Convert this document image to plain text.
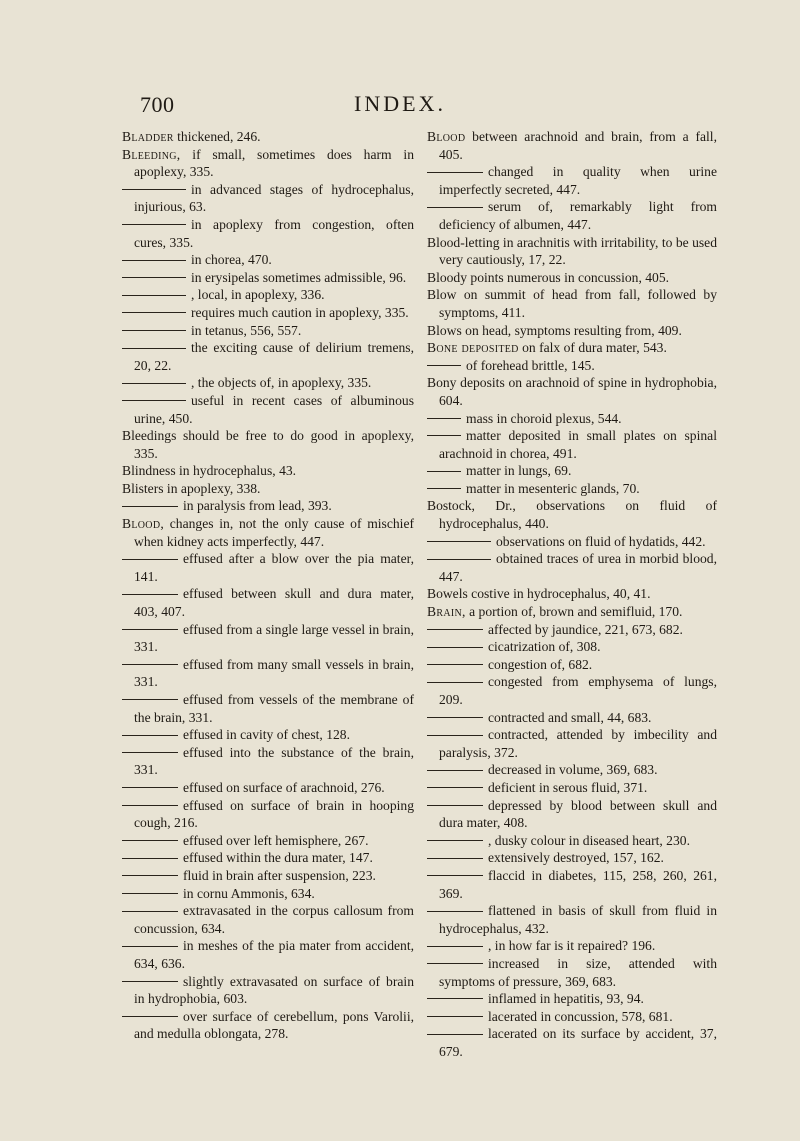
700	INDEX.

Bladder thickened, 246.

Bleeding, if small, sometimes does harm in apoplexy, 335.

in advanced stages of hydrocephalus, injurious, 63.

in apoplexy from congestion, often cures, 335.

in chorea, 470.

in erysipelas sometimes admissible, 96.

, local, in apoplexy, 336.

requires much caution in apoplexy, 335.

in tetanus, 556, 557.

the exciting cause of delirium tremens, 20, 22.

, the objects of, in apoplexy, 335.

useful in recent cases of albuminous urine, 450.

Bleedings should be free to do good in apoplexy, 335.

Blindness in hydrocephalus, 43.

Blisters in apoplexy, 338.

in paralysis from lead, 393.

Blood, changes in, not the only cause of mischief when kidney acts imperfectly, 447.

effused after a blow over the pia mater, 141.

effused between skull and dura mater, 403, 407.

effused from a single large vessel in brain, 331.

effused from many small vessels in brain, 331.

effused from vessels of the membrane of the brain, 331.

effused in cavity of chest, 128.

effused into the substance of the brain, 331.

effused on surface of arachnoid, 276.

effused on surface of brain in hooping cough, 216.

effused over left hemisphere, 267.

effused within the dura mater, 147.

fluid in brain after suspension, 223.

in cornu Ammonis, 634.

extravasated in the corpus callosum from concussion, 634.

in meshes of the pia mater from accident, 634, 636.

slightly extravasated on surface of brain in hydrophobia, 603.

over surface of cerebellum, pons Varolii, and medulla oblongata, 278.

Blood between arachnoid and brain, from a fall, 405.

changed in quality when urine imperfectly secreted, 447.

serum of, remarkably light from deficiency of albumen, 447.

Blood-letting in arachnitis with irritability, to be used very cautiously, 17, 22.

Bloody points numerous in concussion, 405.

Blow on summit of head from fall, followed by symptoms, 411.

Blows on head, symptoms resulting from, 409.

Bone deposited on falx of dura mater, 543.

of forehead brittle, 145.

Bony deposits on arachnoid of spine in hydrophobia, 604.

mass in choroid plexus, 544.

matter deposited in small plates on spinal arachnoid in chorea, 491.

matter in lungs, 69.

matter in mesenteric glands, 70.

Bostock, Dr., observations on fluid of hydrocephalus, 440.

observations on fluid of hydatids, 442.

obtained traces of urea in morbid blood, 447.

Bowels costive in hydrocephalus, 40, 41.

Brain, a portion of, brown and semifluid, 170.

affected by jaundice, 221, 673, 682.

cicatrization of, 308.

congestion of, 682.

congested from emphysema of lungs, 209.

contracted and small, 44, 683.

contracted, attended by imbecility and paralysis, 372.

decreased in volume, 369, 683.

deficient in serous fluid, 371.

depressed by blood between skull and dura mater, 408.

, dusky colour in diseased heart, 230.

extensively destroyed, 157, 162.

flaccid in diabetes, 115, 258, 260, 261, 369.

flattened in basis of skull from fluid in hydrocephalus, 432.

, in how far is it repaired? 196.

increased in size, attended with symptoms of pressure, 369, 683.

inflamed in hepatitis, 93, 94.

lacerated in concussion, 578, 681.

lacerated on its surface by accident, 37, 679.
